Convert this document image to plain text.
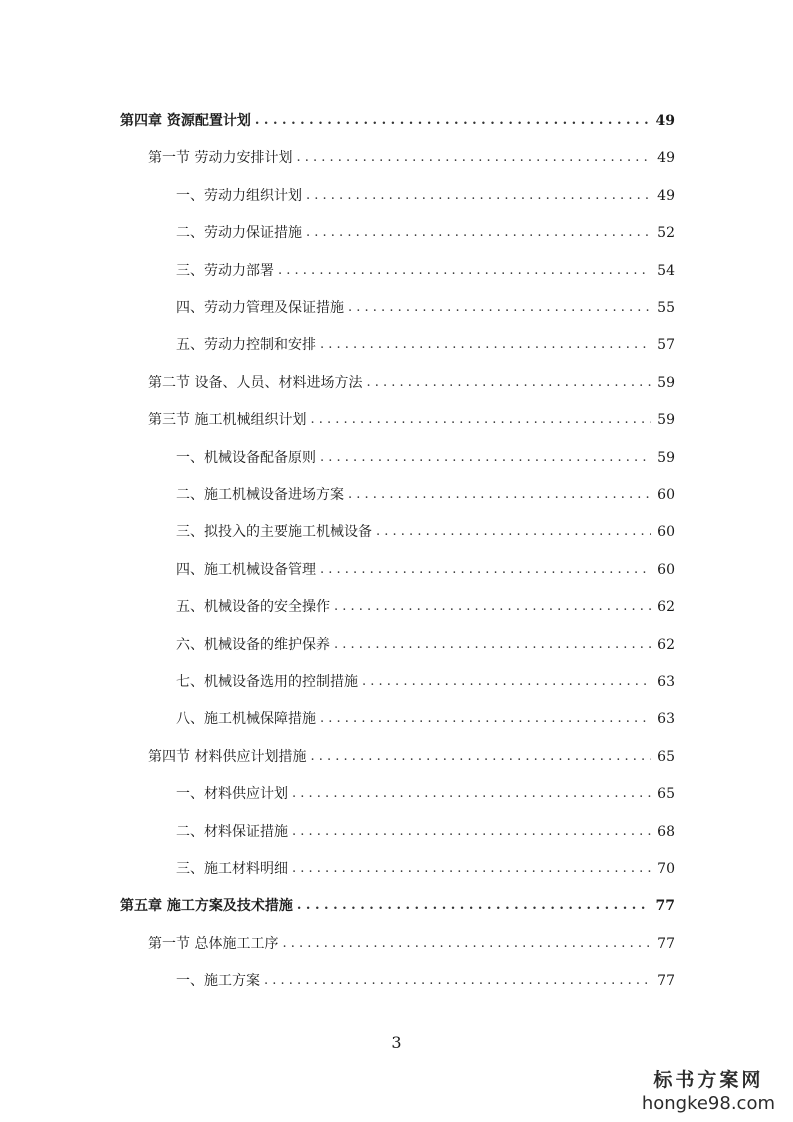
第四章 资源配置计划 . . .	49
第一节 劳动力安排计划 . . .	49
一、劳动力组织计划 . . .	49
二、劳动力保证措施 . . .	52
三、劳动力部署 . . .	54
四、劳动力管理及保证措施 . . .	55
五、劳动力控制和安排 . . .	57
第二节 设备、人员、材料进场方法 . . .	59
第三节 施工机械组织计划 . . .	59
一、机械设备配备原则 . . .	59
二、施工机械设备进场方案 . . .	60
三、拟投入的主要施工机械设备 . . .	60
四、施工机械设备管理 . . .	60
五、机械设备的安全操作 . . .	62
六、机械设备的维护保养 . . .	62
七、机械设备选用的控制措施 . . .	63
八、施工机械保障措施 . . .	63
第四节 材料供应计划措施 . . .	65
一、材料供应计划 . . .	65
二、材料保证措施 . . .	68
三、施工材料明细 . . .	70
第五章 施工方案及技术措施 . . .	77
第一节 总体施工工序 . . .	77
一、施工方案 . . .	77
3
标书方案网
hongke98.com
